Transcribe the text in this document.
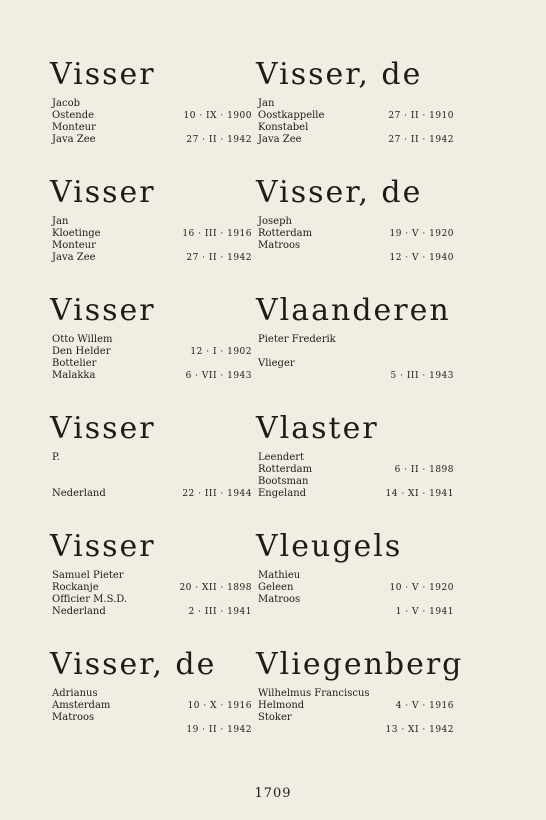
Visser
Jacob
Ostende	10 · IX · 1900
Monteur
Java Zee	27 · II · 1942
Visser
Jan
Kloetinge	16 · III · 1916
Monteur
Java Zee	27 · II · 1942
Visser
Otto Willem
Den Helder	12 · I · 1902
Bottelier
Malakka	6 · VII · 1943
Visser
P.
Nederland	22 · III · 1944
Visser
Samuel Pieter
Rockanje	20 · XII · 1898
Officier M.S.D.
Nederland	2 · III · 1941
Visser, de
Adrianus
Amsterdam	10 · X · 1916
Matroos
19 · II · 1942
Visser, de
Jan
Oostkappelle	27 · II · 1910
Konstabel
Java Zee	27 · II · 1942
Visser, de
Joseph
Rotterdam	19 · V · 1920
Matroos
12 · V · 1940
Vlaanderen
Pieter Frederik
Vlieger
5 · III · 1943
Vlaster
Leendert
Rotterdam	6 · II · 1898
Bootsman
Engeland	14 · XI · 1941
Vleugels
Mathieu
Geleen	10 · V · 1920
Matroos
1 · V · 1941
Vliegenberg
Wilhelmus Franciscus
Helmond	4 · V · 1916
Stoker
13 · XI · 1942
1709
